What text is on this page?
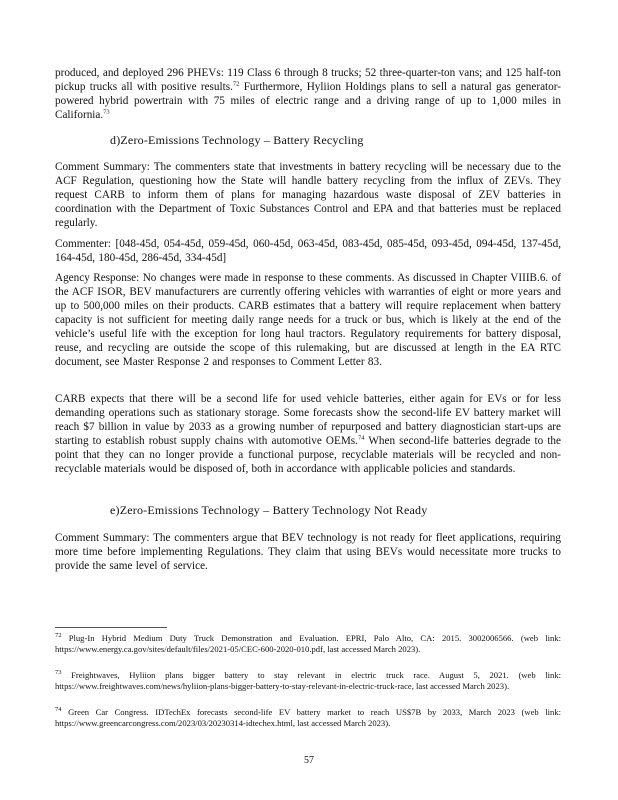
produced, and deployed 296 PHEVs: 119 Class 6 through 8 trucks; 52 three-quarter-ton vans; and 125 half-ton pickup trucks all with positive results.$^{72}$ Furthermore, Hyliion Holdings plans to sell a natural gas generator-powered hybrid powertrain with 75 miles of electric range and a driving range of up to 1,000 miles in California.$^{73}$
d)Zero-Emissions Technology – Battery Recycling
Comment Summary: The commenters state that investments in battery recycling will be necessary due to the ACF Regulation, questioning how the State will handle battery recycling from the influx of ZEVs. They request CARB to inform them of plans for managing hazardous waste disposal of ZEV batteries in coordination with the Department of Toxic Substances Control and EPA and that batteries must be replaced regularly.
Commenter: [048-45d, 054-45d, 059-45d, 060-45d, 063-45d, 083-45d, 085-45d, 093-45d, 094-45d, 137-45d, 164-45d, 180-45d, 286-45d, 334-45d]
Agency Response: No changes were made in response to these comments. As discussed in Chapter VIIIB.6. of the ACF ISOR, BEV manufacturers are currently offering vehicles with warranties of eight or more years and up to 500,000 miles on their products. CARB estimates that a battery will require replacement when battery capacity is not sufficient for meeting daily range needs for a truck or bus, which is likely at the end of the vehicle’s useful life with the exception for long haul tractors. Regulatory requirements for battery disposal, reuse, and recycling are outside the scope of this rulemaking, but are discussed at length in the EA RTC document, see Master Response 2 and responses to Comment Letter 83.
CARB expects that there will be a second life for used vehicle batteries, either again for EVs or for less demanding operations such as stationary storage. Some forecasts show the second-life EV battery market will reach $7 billion in value by 2033 as a growing number of repurposed and battery diagnostician start-ups are starting to establish robust supply chains with automotive OEMs.$^{74}$ When second-life batteries degrade to the point that they can no longer provide a functional purpose, recyclable materials will be recycled and non-recyclable materials would be disposed of, both in accordance with applicable policies and standards.
e)Zero-Emissions Technology – Battery Technology Not Ready
Comment Summary: The commenters argue that BEV technology is not ready for fleet applications, requiring more time before implementing Regulations. They claim that using BEVs would necessitate more trucks to provide the same level of service.
$^{72}$ Plug-In Hybrid Medium Duty Truck Demonstration and Evaluation. EPRI, Palo Alto, CA: 2015. 3002006566. (web link: https://www.energy.ca.gov/sites/default/files/2021-05/CEC-600-2020-010.pdf, last accessed March 2023).
$^{73}$ Freightwaves, Hyliion plans bigger battery to stay relevant in electric truck race. August 5, 2021. (web link: https://www.freightwaves.com/news/hyliion-plans-bigger-battery-to-stay-relevant-in-electric-truck-race, last accessed March 2023).
$^{74}$ Green Car Congress. IDTechEx forecasts second-life EV battery market to reach US$7B by 2033, March 2023 (web link: https://www.greencarcongress.com/2023/03/20230314-idtechex.html, last accessed March 2023).
57
